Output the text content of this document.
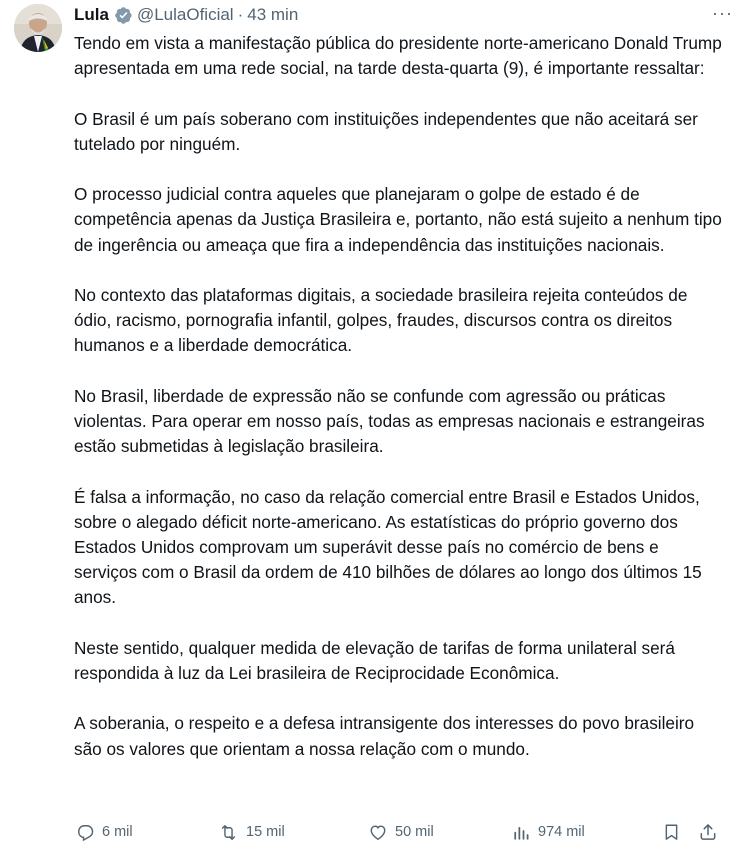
Lula @LulaOficial · 43 min

Tendo em vista a manifestação pública do presidente norte-americano Donald Trump apresentada em uma rede social, na tarde desta-quarta (9), é importante ressaltar:

O Brasil é um país soberano com instituições independentes que não aceitará ser tutelado por ninguém.

O processo judicial contra aqueles que planejaram o golpe de estado é de competência apenas da Justiça Brasileira e, portanto, não está sujeito a nenhum tipo de ingerência ou ameaça que fira a independência das instituições nacionais.

No contexto das plataformas digitais, a sociedade brasileira rejeita conteúdos de ódio, racismo, pornografia infantil, golpes, fraudes, discursos contra os direitos humanos e a liberdade democrática.

No Brasil, liberdade de expressão não se confunde com agressão ou práticas violentas. Para operar em nosso país, todas as empresas nacionais e estrangeiras estão submetidas à legislação brasileira.

É falsa a informação, no caso da relação comercial entre Brasil e Estados Unidos, sobre o alegado déficit norte-americano. As estatísticas do próprio governo dos Estados Unidos comprovam um superávit desse país no comércio de bens e serviços com o Brasil da ordem de 410 bilhões de dólares ao longo dos últimos 15 anos.

Neste sentido, qualquer medida de elevação de tarifas de forma unilateral será respondida à luz da Lei brasileira de Reciprocidade Econômica.

A soberania, o respeito e a defesa intransigente dos interesses do povo brasileiro são os valores que orientam a nossa relação com o mundo.

···
6 mil	15 mil	50 mil	974 mil
